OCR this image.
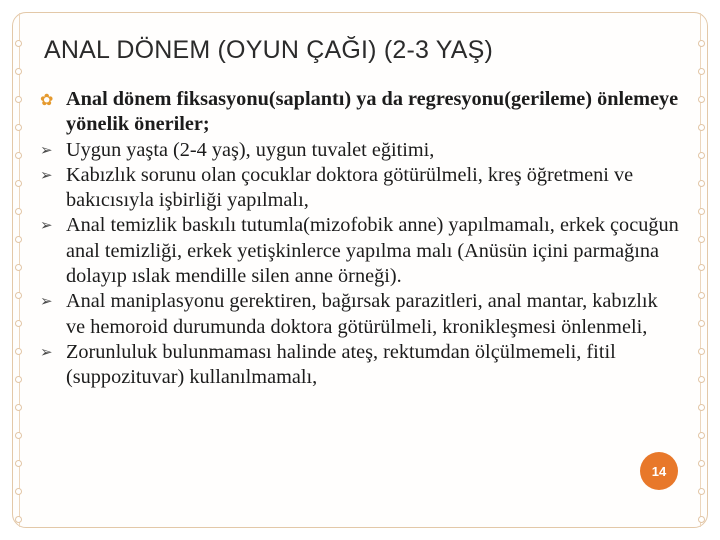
ANAL DÖNEM (OYUN ÇAĞI) (2-3 YAŞ)
✿ Anal dönem fiksasyonu(saplantı) ya da regresyonu(gerileme) önlemeye yönelik öneriler;
➢ Uygun yaşta (2-4 yaş), uygun tuvalet eğitimi,
➢ Kabızlık sorunu olan çocuklar doktora götürülmeli, kreş öğretmeni ve bakıcısıyla işbirliği yapılmalı,
➢ Anal temizlik baskılı tutumla(mizofobik anne) yapılmamalı, erkek çocuğun anal temizliği, erkek yetişkinlerce yapılma malı (Anüsün içini parmağına dolayıp ıslak mendille silen anne örneği).
➢ Anal maniplasyonu gerektiren, bağırsak parazitleri, anal mantar, kabızlık ve hemoroid durumunda doktora götürülmeli, kronikleşmesi önlenmeli,
➢ Zorunluluk bulunmaması halinde ateş, rektumdan ölçülmemeli, fitil (suppozituvar) kullanılmamalı,
14
